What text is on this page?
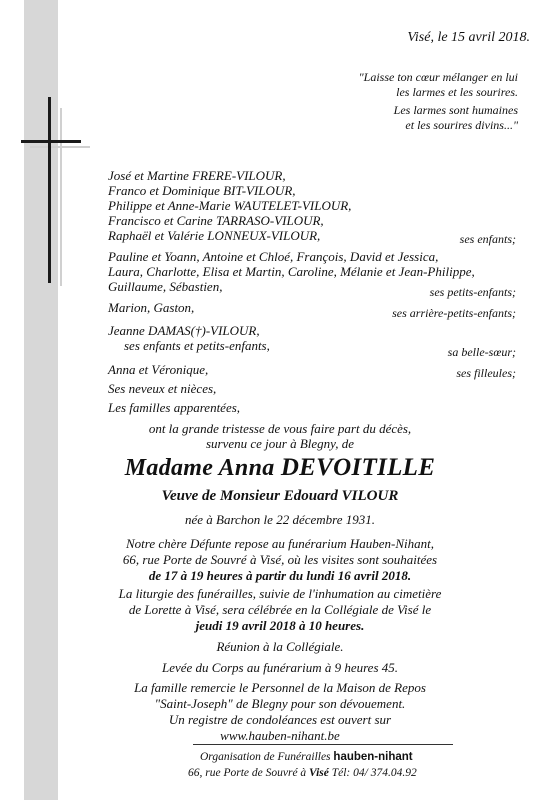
Visé, le 15 avril 2018.
"Laisse ton cœur mélanger en lui
les larmes et les sourires.
Les larmes sont humaines
et les sourires divins..."
José et Martine FRERE-VILOUR,
Franco et Dominique BIT-VILOUR,
Philippe et Anne-Marie WAUTELET-VILOUR,
Francisco et Carine TARRASO-VILOUR,
Raphaël et Valérie LONNEUX-VILOUR,	ses enfants;
Pauline et Yoann, Antoine et Chloé, François, David et Jessica,
Laura, Charlotte, Elisa et Martin, Caroline, Mélanie et Jean-Philippe,
Guillaume, Sébastien,	ses petits-enfants;
Marion, Gaston,	ses arrière-petits-enfants;
Jeanne DAMAS(†)-VILOUR,
ses enfants et petits-enfants,	sa belle-sœur;
Anna et Véronique,	ses filleules;
Ses neveux et nièces,
Les familles apparentées,
ont la grande tristesse de vous faire part du décès,
survenu ce jour à Blegny, de
Madame Anna DEVOITILLE
Veuve de Monsieur Edouard VILOUR
née à Barchon le 22 décembre 1931.
Notre chère Défunte repose au funérarium Hauben-Nihant,
66, rue Porte de Souvré à Visé, où les visites sont souhaitées
de 17 à 19 heures à partir du lundi 16 avril 2018.
La liturgie des funérailles, suivie de l'inhumation au cimetière
de Lorette à Visé, sera célébrée en la Collégiale de Visé le
jeudi 19 avril 2018 à 10 heures.
Réunion à la Collégiale.
Levée du Corps au funérarium à 9 heures 45.
La famille remercie le Personnel de la Maison de Repos
"Saint-Joseph" de Blegny pour son dévouement.
Un registre de condoléances est ouvert sur
www.hauben-nihant.be
Organisation de Funérailles hauben-nihant
66, rue Porte de Souvré à Visé Tél: 04/ 374.04.92
